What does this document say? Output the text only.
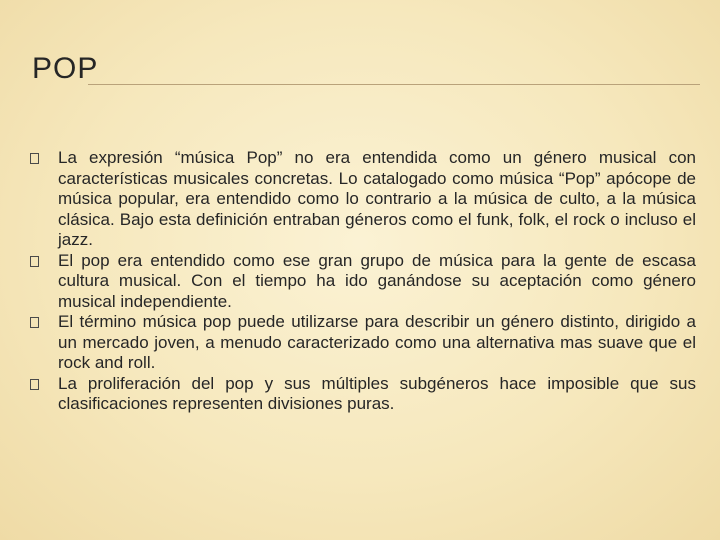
POP
La expresión “música Pop” no era entendida como un género musical con características musicales concretas. Lo catalogado como música “Pop” apócope de música popular, era entendido como lo contrario a la música de culto, a la música clásica. Bajo esta definición entraban géneros como el funk, folk, el rock o incluso el jazz.
El pop era entendido como ese gran grupo de música para la gente de escasa cultura musical. Con el tiempo ha ido ganándose su aceptación como género musical independiente.
El término música pop puede utilizarse para describir un género distinto, dirigido a un mercado joven, a menudo caracterizado como una alternativa mas suave que el rock and roll.
La proliferación del pop y sus múltiples subgéneros hace imposible que sus clasificaciones representen divisiones puras.
